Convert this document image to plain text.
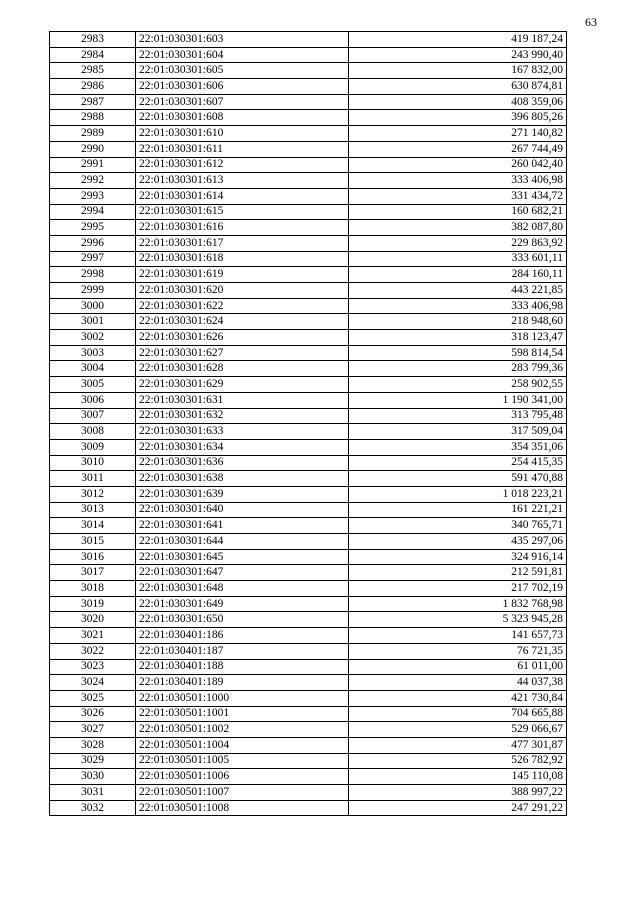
63
2983	22:01:030301:603	419 187,24
2984	22:01:030301:604	243 990,40
2985	22:01:030301:605	167 832,00
2986	22:01:030301:606	630 874,81
2987	22:01:030301:607	408 359,06
2988	22:01:030301:608	396 805,26
2989	22:01:030301:610	271 140,82
2990	22:01:030301:611	267 744,49
2991	22:01:030301:612	260 042,40
2992	22:01:030301:613	333 406,98
2993	22:01:030301:614	331 434,72
2994	22:01:030301:615	160 682,21
2995	22:01:030301:616	382 087,80
2996	22:01:030301:617	229 863,92
2997	22:01:030301:618	333 601,11
2998	22:01:030301:619	284 160,11
2999	22:01:030301:620	443 221,85
3000	22:01:030301:622	333 406,98
3001	22:01:030301:624	218 948,60
3002	22:01:030301:626	318 123,47
3003	22:01:030301:627	598 814,54
3004	22:01:030301:628	283 799,36
3005	22:01:030301:629	258 902,55
3006	22:01:030301:631	1 190 341,00
3007	22:01:030301:632	313 795,48
3008	22:01:030301:633	317 509,04
3009	22:01:030301:634	354 351,06
3010	22:01:030301:636	254 415,35
3011	22:01:030301:638	591 470,88
3012	22:01:030301:639	1 018 223,21
3013	22:01:030301:640	161 221,21
3014	22:01:030301:641	340 765,71
3015	22:01:030301:644	435 297,06
3016	22:01:030301:645	324 916,14
3017	22:01:030301:647	212 591,81
3018	22:01:030301:648	217 702,19
3019	22:01:030301:649	1 832 768,98
3020	22:01:030301:650	5 323 945,28
3021	22:01:030401:186	141 657,73
3022	22:01:030401:187	76 721,35
3023	22:01:030401:188	61 011,00
3024	22:01:030401:189	44 037,38
3025	22:01:030501:1000	421 730,84
3026	22:01:030501:1001	704 665,88
3027	22:01:030501:1002	529 066,67
3028	22:01:030501:1004	477 301,87
3029	22:01:030501:1005	526 782,92
3030	22:01:030501:1006	145 110,08
3031	22:01:030501:1007	388 997,22
3032	22:01:030501:1008	247 291,22
